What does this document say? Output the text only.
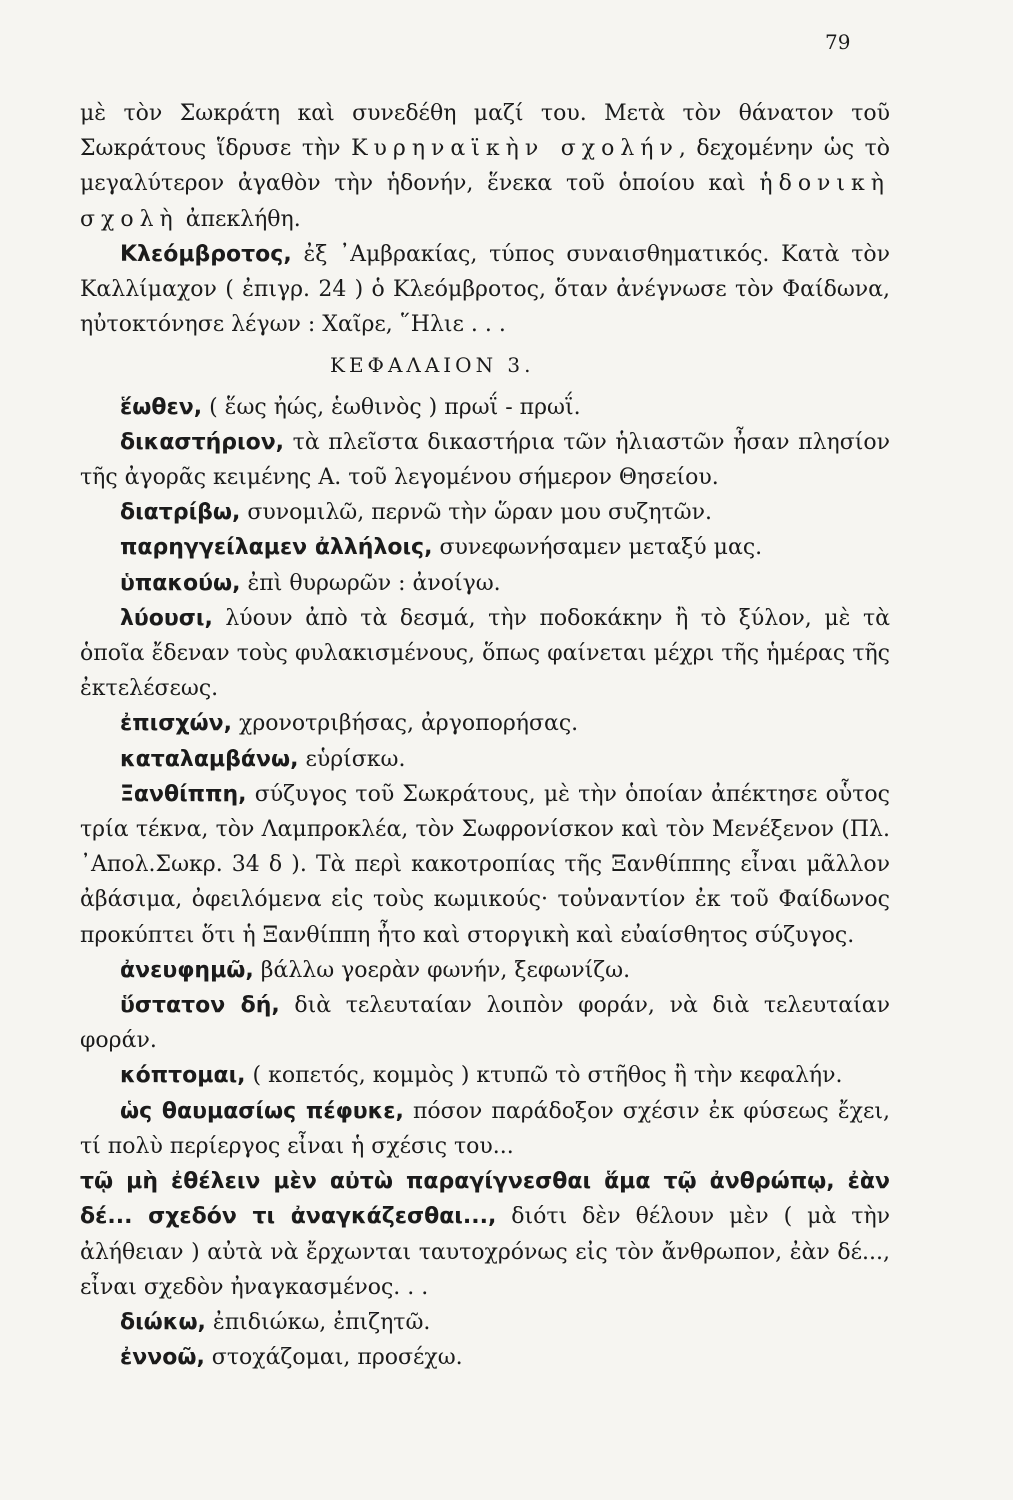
79

μὲ τὸν Σωκράτη καὶ συνεδέθη μαζί του. Μετὰ τὸν θάνατον τοῦ Σωκράτους ἵδρυσε τὴν Κυρηναϊκὴν σχολήν, δεχομένην ὡς τὸ μεγαλύτερον ἀγαθὸν τὴν ἡδονήν, ἕνεκα τοῦ ὁποίου καὶ ἡδονικὴ σχολὴ ἀπεκλήθη.

Κλεόμβροτος, ἐξ ᾿Αμβρακίας, τύπος συναισθηματικός. Κατὰ τὸν Καλλίμαχον ( ἐπιγρ. 24 ) ὁ Κλεόμβροτος, ὅταν ἀνέγνωσε τὸν Φαίδωνα, ηὐτοκτόνησε λέγων : Χαῖρε, ῞Ηλιε . . .

ΚΕΦΑΛΑΙΟΝ 3.

ἕωθεν, ( ἕως ἠώς, ἑωθινὸς ) πρωΐ - πρωΐ.

δικαστήριον, τὰ πλεῖστα δικαστήρια τῶν ἡλιαστῶν ἦσαν πλησίον τῆς ἀγορᾶς κειμένης Α. τοῦ λεγομένου σήμερον Θησείου.

διατρίβω, συνομιλῶ, περνῶ τὴν ὥραν μου συζητῶν.

παρηγγείλαμεν ἀλλήλοις, συνεφωνήσαμεν μεταξύ μας.

ὑπακούω, ἐπὶ θυρωρῶν : ἀνοίγω.

λύουσι, λύουν ἀπὸ τὰ δεσμά, τὴν ποδοκάκην ἢ τὸ ξύλον, μὲ τὰ ὁποῖα ἔδεναν τοὺς φυλακισμένους, ὅπως φαίνεται μέχρι τῆς ἡμέρας τῆς ἐκτελέσεως.

ἐπισχών, χρονοτριβήσας, ἀργοπορήσας.

καταλαμβάνω, εὑρίσκω.

Ξανθίππη, σύζυγος τοῦ Σωκράτους, μὲ τὴν ὁποίαν ἀπέκτησε οὗτος τρία τέκνα, τὸν Λαμπροκλέα, τὸν Σωφρονίσκον καὶ τὸν Μενέξενον (Πλ. ᾿Απολ.Σωκρ. 34 δ ). Τὰ περὶ κακοτροπίας τῆς Ξανθίππης εἶναι μᾶλλον ἀβάσιμα, ὀφειλόμενα εἰς τοὺς κωμικούς· τοὐναντίον ἐκ τοῦ Φαίδωνος προκύπτει ὅτι ἡ Ξανθίππη ἦτο καὶ στοργικὴ καὶ εὐαίσθητος σύζυγος.

ἀνευφημῶ, βάλλω γοερὰν φωνήν, ξεφωνίζω.

ὕστατον δή, διὰ τελευταίαν λοιπὸν φοράν, νὰ διὰ τελευταίαν φοράν.

κόπτομαι, ( κοπετός, κομμὸς ) κτυπῶ τὸ στῆθος ἢ τὴν κεφαλήν.

ὡς θαυμασίως πέφυκε, πόσον παράδοξον σχέσιν ἐκ φύσεως ἔχει, τί πολὺ περίεργος εἶναι ἡ σχέσις του...

τῷ μὴ ἐθέλειν μὲν αὐτὼ παραγίγνεσθαι ἅμα τῷ ἀνθρώπῳ, ἐὰν δέ... σχεδόν τι ἀναγκάζεσθαι..., διότι δὲν θέλουν μὲν ( μὰ τὴν ἀλήθειαν ) αὐτὰ νὰ ἔρχωνται ταυτοχρόνως εἰς τὸν ἄνθρωπον, ἐὰν δέ..., εἶναι σχεδὸν ἠναγκασμένος. . .

διώκω, ἐπιδιώκω, ἐπιζητῶ.

ἐννοῶ, στοχάζομαι, προσέχω.
